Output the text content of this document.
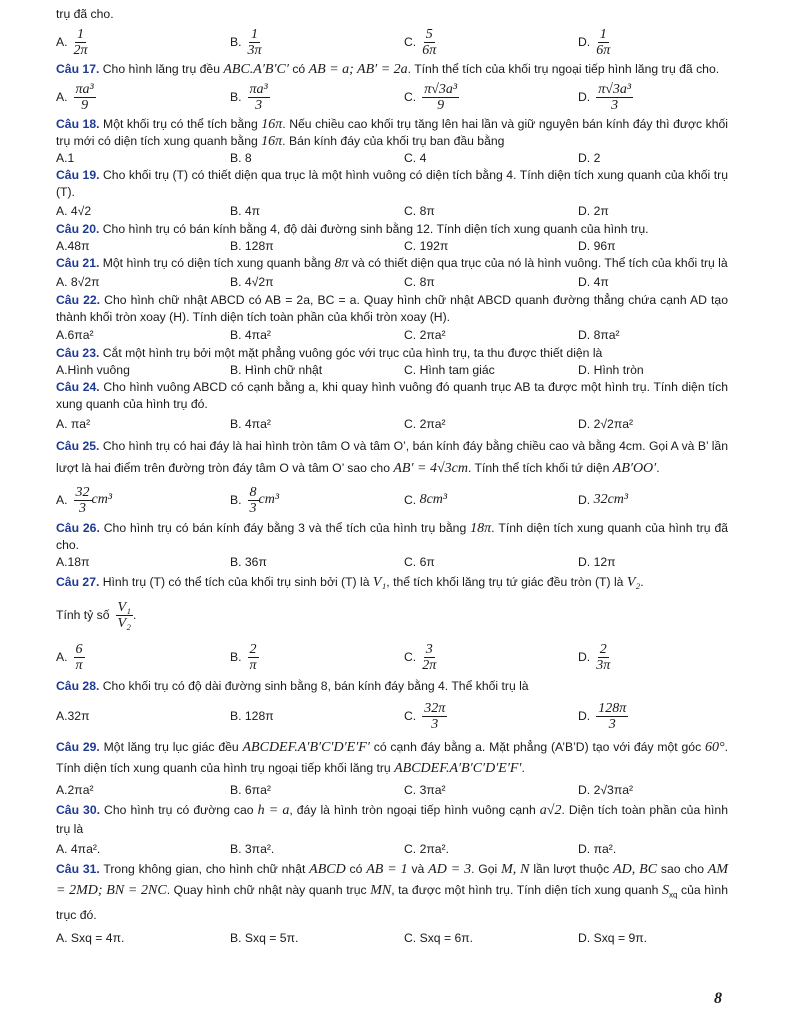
trụ đã cho.
A. $\frac{1}{2\pi}$	B. $\frac{1}{3\pi}$	C. $\frac{5}{6\pi}$	D. $\frac{1}{6\pi}$
Câu 17. Cho hình lăng trụ đều ABC.A′B′C′ có AB = a; AB′ = 2a. Tính thể tích của khối trụ ngoại tiếp hình lăng trụ đã cho.
A. $\frac{\text{πa³}}{9}$	B. $\frac{\text{πa³}}{3}$	C. $\frac{\text{π√3a³}}{9}$	D. $\frac{\text{π√3a³}}{3}$
Câu 18. Một khối trụ có thể tích bằng 16π. Nếu chiều cao khối trụ tăng lên hai lần và giữ nguyên bán kính đáy thì được khối trụ mới có diện tích xung quanh bằng 16π. Bán kính đáy của khối trụ ban đầu bằng
A.1	B. 8	C. 4	D. 2
Câu 19. Cho khối trụ (T) có thiết diện qua trục là một hình vuông có diện tích bằng 4. Tính diện tích xung quanh của khối trụ (T).
A. 4√2	B. 4π	C. 8π	D. 2π
Câu 20. Cho hình trụ có bán kính bằng 4, độ dài đường sinh bằng 12. Tính diện tích xung quanh của hình trụ.
A.48π	B. 128π	C. 192π	D. 96π
Câu 21. Một hình trụ có diện tích xung quanh bằng 8π và có thiết diện qua trục của nó là hình vuông. Thể tích của khối trụ là
A. 8√2π	B. 4√2π	C. 8π	D. 4π
Câu 22. Cho hình chữ nhật ABCD có AB = 2a, BC = a. Quay hình chữ nhật ABCD quanh đường thẳng chứa cạnh AD tạo thành khối tròn xoay (H). Tính diện tích toàn phần của khối tròn xoay (H).
A.6πa²	B. 4πa²	C. 2πa²	D. 8πa²
Câu 23. Cắt một hình trụ bởi một mặt phẳng vuông góc với trục của hình trụ, ta thu được thiết diện là
A.Hình vuông	B. Hình chữ nhật	C. Hình tam giác	D. Hình tròn
Câu 24. Cho hình vuông ABCD có cạnh bằng a, khi quay hình vuông đó quanh trục AB ta được một hình trụ. Tính diện tích xung quanh của hình trụ đó.
A. πa²	B. 4πa²	C. 2πa²	D. 2√2πa²
Câu 25. Cho hình trụ có hai đáy là hai hình tròn tâm O và tâm O’, bán kính đáy bằng chiều cao và bằng 4cm. Gọi A và B’ lần lượt là hai điểm trên đường tròn đáy tâm O và tâm O’ sao cho AB′ = 4√3cm. Tính thể tích khối tứ diện AB′OO′.
A. $\frac{32}{3} cm^3$	B. $\frac{8}{3} cm^3$	C.
8cm³	D.
32cm³
Câu 26. Cho hình trụ có bán kính đáy bằng 3 và thể tích của hình trụ bằng 18π. Tính diện tích xung quanh của hình trụ đã cho.
A.18π	B. 36π	C. 6π	D. 12π
Câu 27. Hình trụ (T) có thể tích của khối trụ sinh bởi (T) là V₁, thể tích khối lăng trụ tứ giác đều tròn (T) là V₂.
Tính tỷ số $\frac{\text{V₁}}{\text{V₂}}$ .
A. $\frac{6}{\pi}$	B. $\frac{2}{\pi}$	C. $\frac{3}{2\pi}$	D. $\frac{2}{3\pi}$
Câu 28. Cho khối trụ có độ dài đường sinh bằng 8, bán kính đáy bằng 4. Thể khối trụ là
A.32π	B. 128π	C. $\frac{32\pi}{3}$	D. $\frac{128\pi}{3}$
Câu 29. Một lăng trụ lục giác đều ABCDEF.A′B′C′D′E′F′ có cạnh đáy bằng a. Mặt phẳng (A’B’D) tạo với đáy một góc 60°. Tính diện tích xung quanh của hình trụ ngoại tiếp khối lăng trụ ABCDEF.A′B′C′D′E′F′.
A.2πa²	B. 6πa²	C. 3πa²	D. 2√3πa²
Câu 30. Cho hình trụ có đường cao h = a, đáy là hình tròn ngoại tiếp hình vuông cạnh a√2. Diện tích toàn phần của hình trụ là
A. 4πa².	B. 3πa².	C. 2πa².	D. πa².
Câu 31. Trong không gian, cho hình chữ nhật ABCD có AB = 1 và AD = 3. Gọi M, N lần lượt thuộc AD, BC sao cho AM = 2MD; BN = 2NC. Quay hình chữ nhật này quanh trục MN, ta được một hình trụ. Tính diện tích xung quanh $S_{xq}$ của hình trục đó.
A. Sxq = 4π.	B. Sxq = 5π.	C. Sxq = 6π.	D. Sxq = 9π.
8
